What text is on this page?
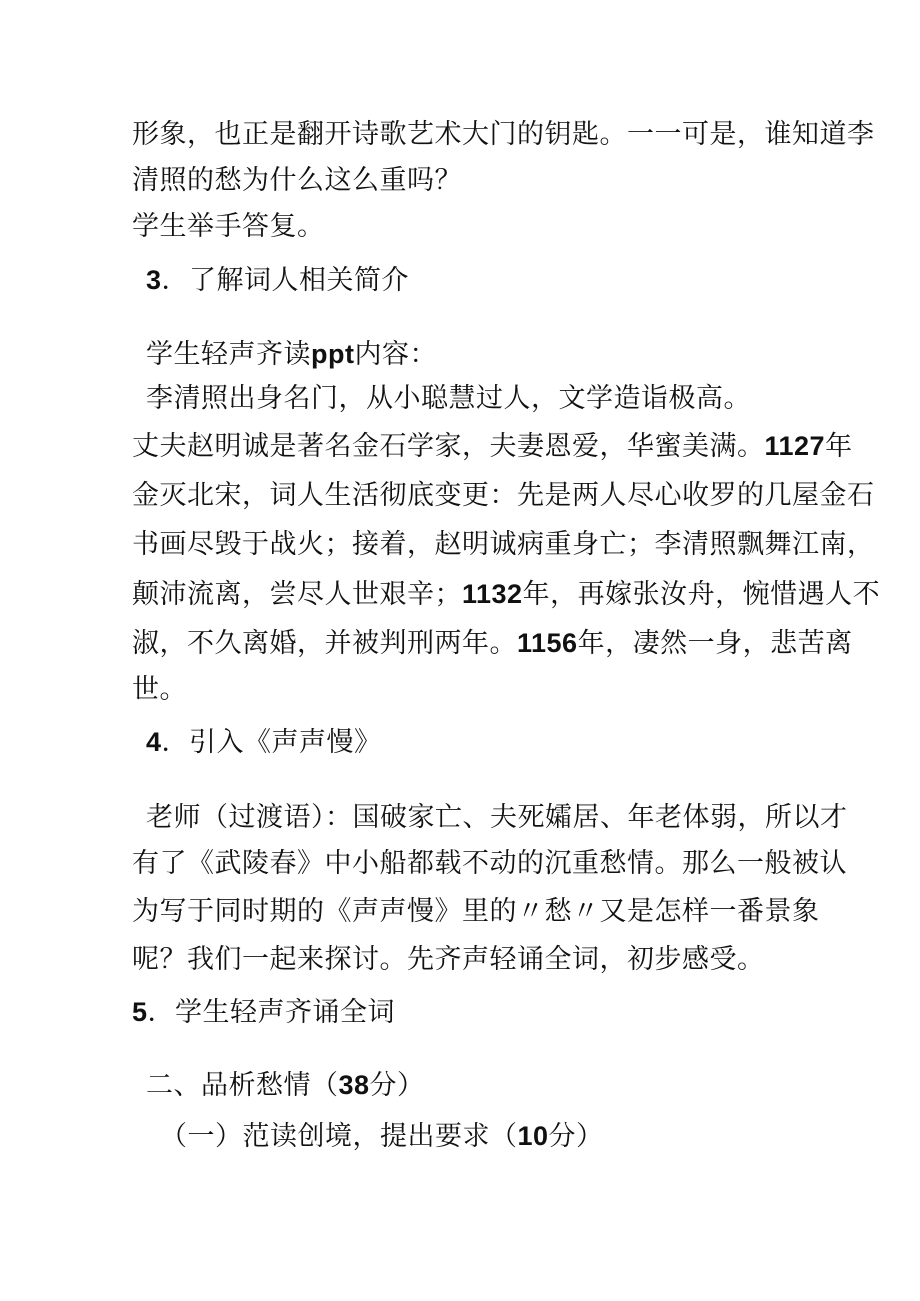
形象，也正是翻开诗歌艺术大门的钥匙。一一可是，谁知道李
清照的愁为什么这么重吗？
学生举手答复。
3．了解词人相关简介
学生轻声齐读ppt内容：
李清照出身名门，从小聪慧过人，文学造诣极高。
丈夫赵明诚是著名金石学家，夫妻恩爱，华蜜美满。1127年
金灭北宋，词人生活彻底变更：先是两人尽心收罗的几屋金石
书画尽毁于战火；接着，赵明诚病重身亡；李清照飘舞江南，
颠沛流离，尝尽人世艰辛；1132年，再嫁张汝舟，惋惜遇人不
淑，不久离婚，并被判刑两年。1156年，凄然一身，悲苦离
世。
4．引入《声声慢》
老师（过渡语）：国破家亡、夫死孀居、年老体弱，所以才
有了《武陵春》中小船都载不动的沉重愁情。那么一般被认
为写于同时期的《声声慢》里的〃愁〃又是怎样一番景象
呢？我们一起来探讨。先齐声轻诵全词，初步感受。
5．学生轻声齐诵全词
二、品析愁情（38分）
（一）范读创境，提出要求（10分）
